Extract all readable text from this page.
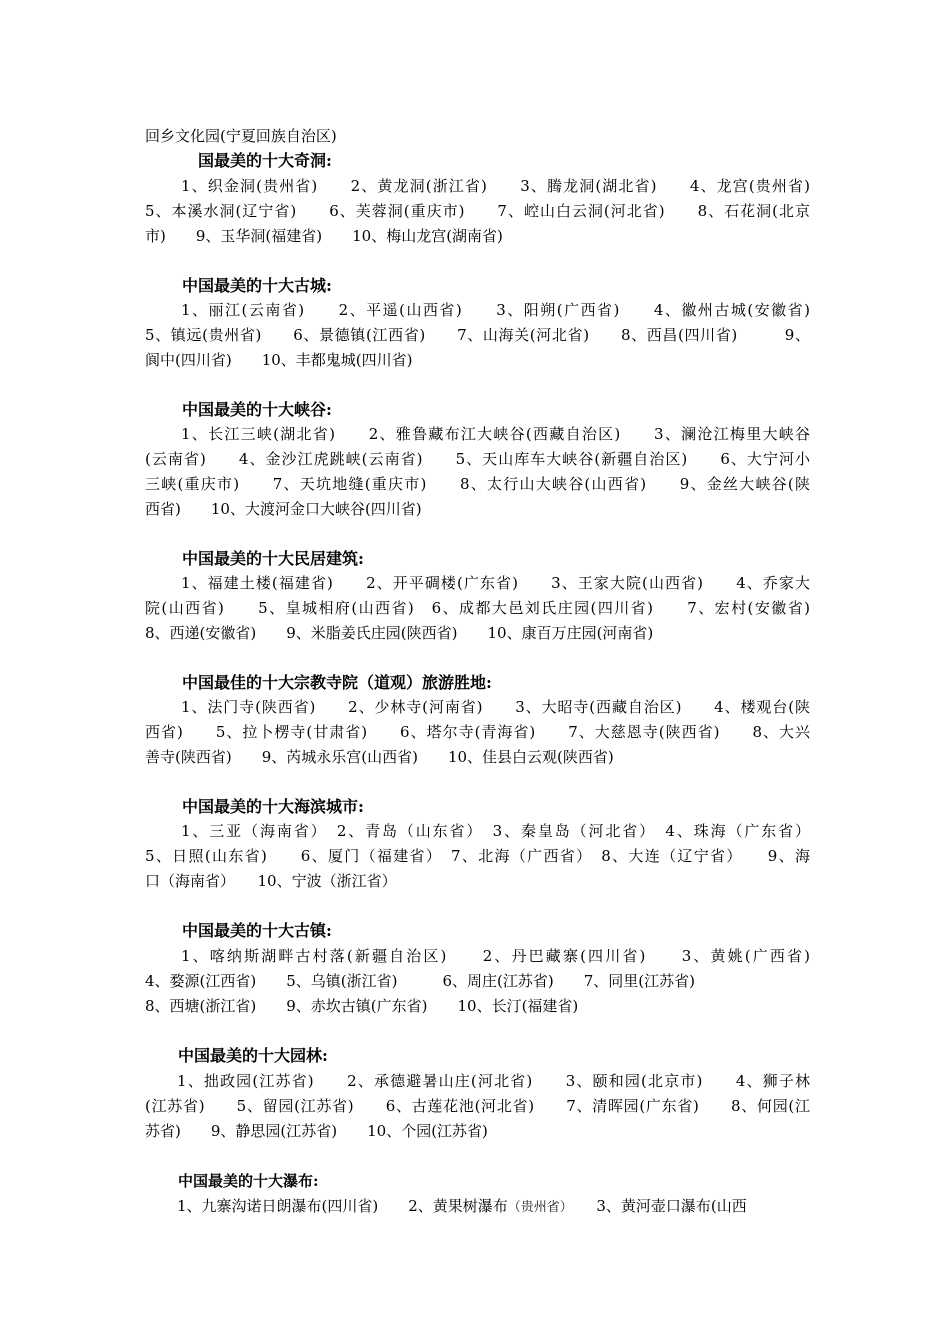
回乡文化园(宁夏回族自治区)
国最美的十大奇洞:
1、织金洞(贵州省)　　2、黄龙洞(浙江省)　　3、腾龙洞(湖北省)　　4、龙宫(贵州省)
5、本溪水洞(辽宁省)　　6、芙蓉洞(重庆市)　　7、崆山白云洞(河北省)　　8、石花洞(北京
市)　　9、玉华洞(福建省)　　10、梅山龙宫(湖南省)
中国最美的十大古城:
1、丽江(云南省)　　2、平遥(山西省)　　3、阳朔(广西省)　　4、徽州古城(安徽省)
5、镇远(贵州省)　　6、景德镇(江西省)　　7、山海关(河北省)　　8、西昌(四川省)　　　9、
阆中(四川省)　　10、丰都鬼城(四川省)
中国最美的十大峡谷:
1、长江三峡(湖北省)　　2、雅鲁藏布江大峡谷(西藏自治区)　　3、澜沧江梅里大峡谷
(云南省)　　4、金沙江虎跳峡(云南省)　　5、天山库车大峡谷(新疆自治区)　　6、大宁河小
三峡(重庆市)　　7、天坑地缝(重庆市)　　8、太行山大峡谷(山西省)　　9、金丝大峡谷(陕
西省)　　10、大渡河金口大峡谷(四川省)
中国最美的十大民居建筑:
1、福建土楼(福建省)　　2、开平碉楼(广东省)　　3、王家大院(山西省)　　4、乔家大
院(山西省)　　5、皇城相府(山西省)　6、成都大邑刘氏庄园(四川省)　　7、宏村(安徽省)
8、西递(安徽省)　　9、米脂姜氏庄园(陕西省)　　10、康百万庄园(河南省)
中国最佳的十大宗教寺院（道观）旅游胜地:
1、法门寺(陕西省)　　2、少林寺(河南省)　　3、大昭寺(西藏自治区)　　4、楼观台(陕
西省)　　5、拉卜楞寺(甘肃省)　　6、塔尔寺(青海省)　　7、大慈恩寺(陕西省)　　8、大兴
善寺(陕西省)　　9、芮城永乐宫(山西省)　　10、佳县白云观(陕西省)
中国最美的十大海滨城市:
1、三亚（海南省）　2、青岛（山东省）　3、秦皇岛（河北省）　4、珠海（广东省）
5、日照(山东省)　　6、厦门（福建省）　7、北海（广西省）　8、大连（辽宁省）　　9、海
口（海南省）　　10、宁波（浙江省）
中国最美的十大古镇:
1、喀纳斯湖畔古村落(新疆自治区)　　2、丹巴藏寨(四川省)　　3、黄姚(广西省)
4、婺源(江西省)　　5、乌镇(浙江省)　　　6、周庄(江苏省)　　7、同里(江苏省)
8、西塘(浙江省)　　9、赤坎古镇(广东省)　　10、长汀(福建省)
中国最美的十大园林:
1、拙政园(江苏省)　　2、承德避暑山庄(河北省)　　3、颐和园(北京市)　　4、狮子林
(江苏省)　　5、留园(江苏省)　　6、古莲花池(河北省)　　7、清晖园(广东省)　　8、何园(江
苏省)　　9、静思园(江苏省)　　10、个园(江苏省)
中国最美的十大瀑布:
1、九寨沟诺日朗瀑布(四川省)　　2、黄果树瀑布（贵州省）　　 3、黄河壶口瀑布(山西
